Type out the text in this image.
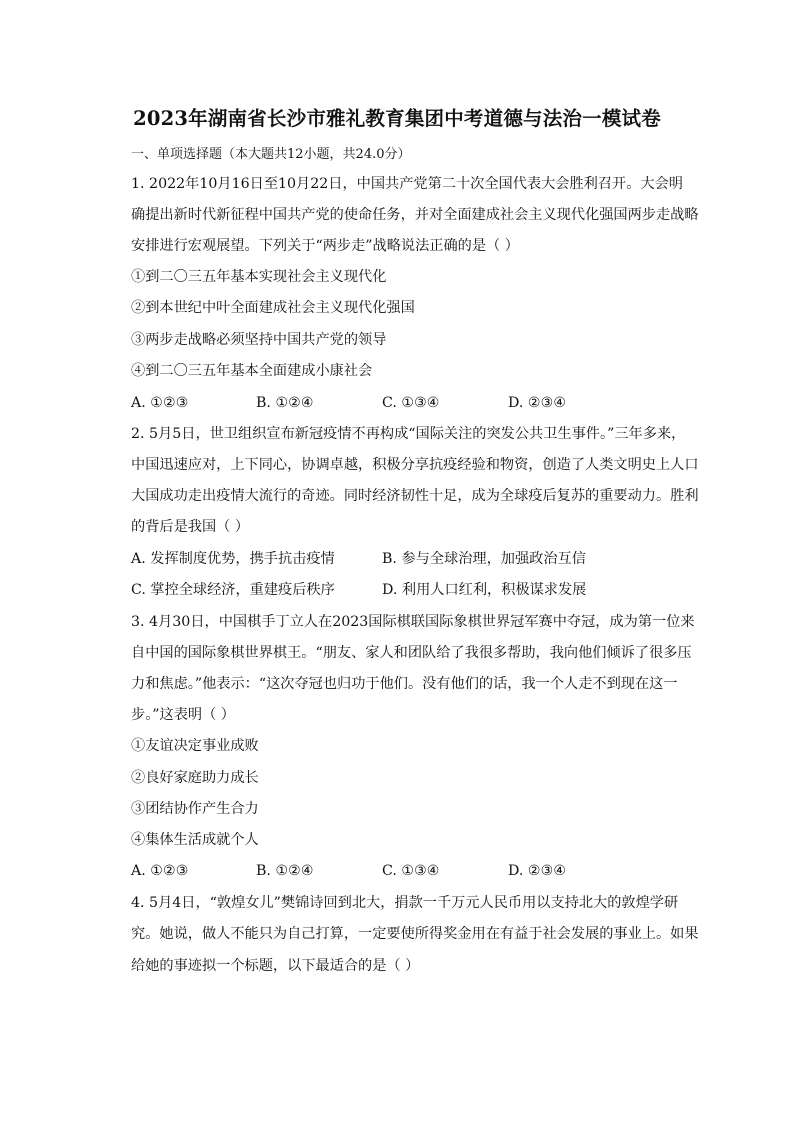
2023年湖南省长沙市雅礼教育集团中考道德与法治一模试卷
一、单项选择题（本大题共12小题，共24.0分）
1. 2022年10月16日至10月22日，中国共产党第二十次全国代表大会胜利召开。大会明
确提出新时代新征程中国共产党的使命任务，并对全面建成社会主义现代化强国两步走战略
安排进行宏观展望。下列关于“两步走”战略说法正确的是（ ）
①到二〇三五年基本实现社会主义现代化
②到本世纪中叶全面建成社会主义现代化强国
③两步走战略必须坚持中国共产党的领导
④到二〇三五年基本全面建成小康社会
A. ①②③	B. ①②④	C. ①③④	D. ②③④
2. 5月5日，世卫组织宣布新冠疫情不再构成“国际关注的突发公共卫生事件。”三年多来，
中国迅速应对，上下同心，协调卓越，积极分享抗疫经验和物资，创造了人类文明史上人口
大国成功走出疫情大流行的奇迹。同时经济韧性十足，成为全球疫后复苏的重要动力。胜利
的背后是我国（ ）
A. 发挥制度优势，携手抗击疫情	B. 参与全球治理，加强政治互信
C. 掌控全球经济，重建疫后秩序	D. 利用人口红利，积极谋求发展
3. 4月30日，中国棋手丁立人在2023国际棋联国际象棋世界冠军赛中夺冠，成为第一位来
自中国的国际象棋世界棋王。“朋友、家人和团队给了我很多帮助，我向他们倾诉了很多压
力和焦虑。”他表示：“这次夺冠也归功于他们。没有他们的话，我一个人走不到现在这一
步。”这表明（ ）
①友谊决定事业成败
②良好家庭助力成长
③团结协作产生合力
④集体生活成就个人
A. ①②③	B. ①②④	C. ①③④	D. ②③④
4. 5月4日，“敦煌女儿”樊锦诗回到北大，捐款一千万元人民币用以支持北大的敦煌学研
究。她说，做人不能只为自己打算，一定要使所得奖金用在有益于社会发展的事业上。如果
给她的事迹拟一个标题，以下最适合的是（ ）
